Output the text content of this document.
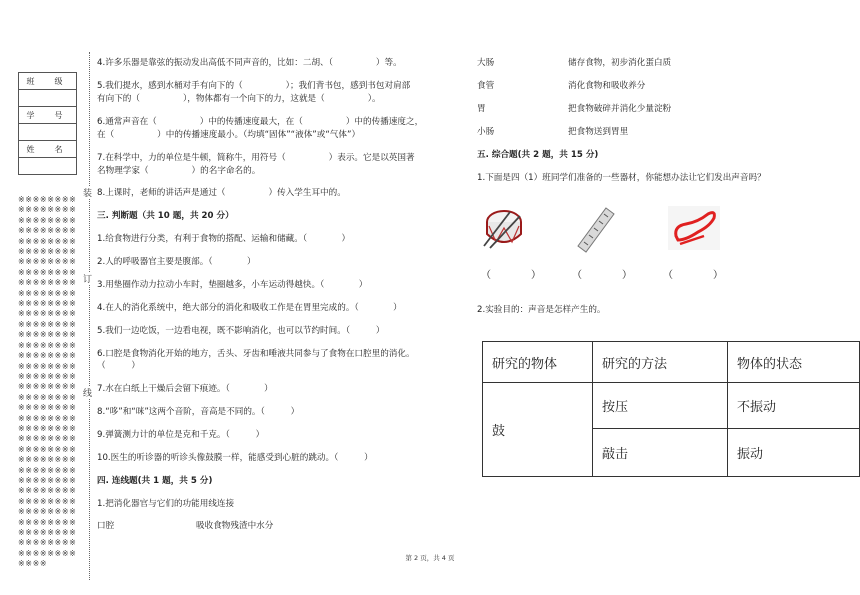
班　级

学　号

姓　名

※※※※※※※※※※※※※※※※※※※※※※※※※※※※※※※※※※※※※※※※※※※※※※※※※※※※※※※※※※※※※※※※※※※※※※※※※※※※※※※※※※※※※※※※※※※※※※※※※※※※※※※※※※※※※※※※※※※※※※※※※※※※※※※※※※※※※※※※※※※※※※※※※※※※※※※※※※※※※※※※※※※※※※※※※※※※※※※※※※※※※※※※※※※※※※※※※※※※※※※※※※※※※※※※※※※※※※※※※※※※※※※※※※※※※※※※※※※※※※※※※※※※※※※※※※※※※※※※※※※※※※※※※※※※※※※※※※※※※※※※※※※※
装
订
线
4.许多乐器是靠弦的振动发出高低不同声音的，比如：二胡、（　　　　　）等。
5.我们提水，感到水桶对手有向下的（　　　　　）；我们背书包，感到书包对肩部
有向下的（　　　　　），物体都有一个向下的力，这就是（　　　　　）。
6.通常声音在（　　　　　）中的传播速度最大，在（　　　　　）中的传播速度之，
在（　　　　　）中的传播速度最小。（均填“固体”“液体”或“气体”）
7.在科学中，力的单位是牛顿，简称牛，用符号（　　　　　）表示。它是以英国著
名物理学家（　　　　　）的名字命名的。
8.上课时，老师的讲话声是通过（　　　　　）传入学生耳中的。
三. 判断题（共 10 题，共 20 分）
1.给食物进行分类，有利于食物的搭配、运输和储藏。（　　　　）
2.人的呼吸器官主要是腹部。（　　　　）
3.用垫圈作动力拉动小车时，垫圈越多，小车运动得越快。（　　　　）
4.在人的消化系统中，绝大部分的消化和吸收工作是在胃里完成的。（　　　　）
5.我们一边吃饭，一边看电视，既不影响消化，也可以节约时间。（　　　）
6.口腔是食物消化开始的地方，舌头、牙齿和唾液共同参与了食物在口腔里的消化。
（　　　）
7.水在白纸上干燥后会留下痕迹。（　　　　）
8.“哆”和“咪”这两个音阶，音高是不同的。（　　　）
9.弹簧测力计的单位是克和千克。（　　　）
10.医生的听诊器的听诊头像鼓膜一样，能感受到心脏的跳动。（　　　）
四. 连线题(共 1 题，共 5 分)
1.把消化器官与它们的功能用线连接
口腔	吸收食物残渣中水分
大肠	储存食物，初步消化蛋白质
食管	消化食物和吸收养分
胃	把食物破碎并消化少量淀粉
小肠	把食物送到胃里
五. 综合题(共 2 题，共 15 分)
1.下面是四（1）班同学们准备的一些器材，你能想办法让它们发出声音吗？
（　　　　）	（　　　　）	（　　　　）
2.实验目的：声音是怎样产生的。
研究的物体	研究的方法	物体的状态
鼓	按压	不振动
	敲击	振动
第 2 页，共 4 页
